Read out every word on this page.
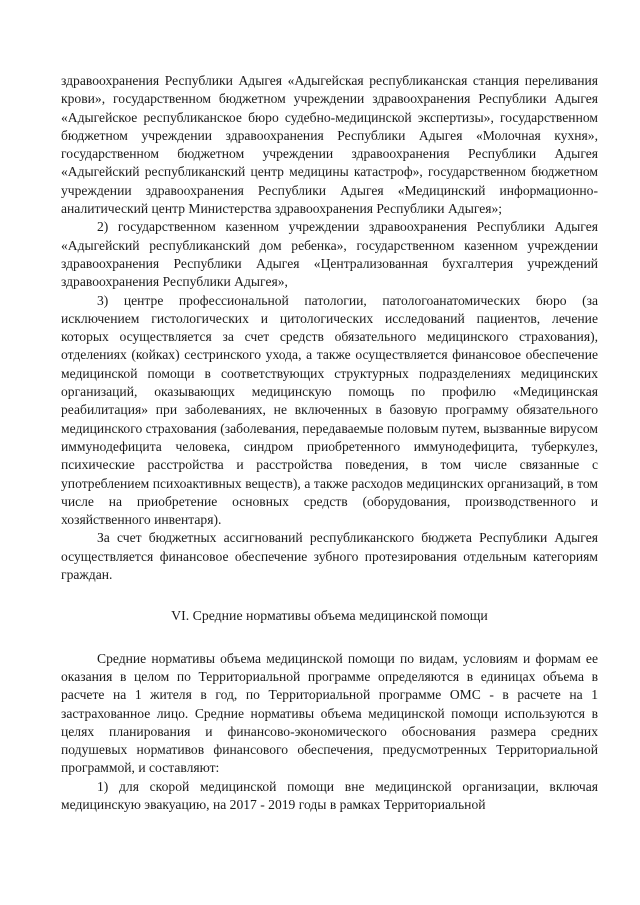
здравоохранения Республики Адыгея «Адыгейская республиканская станция переливания крови», государственном бюджетном учреждении здравоохранения Республики Адыгея «Адыгейское республиканское бюро судебно-медицинской экспертизы», государственном бюджетном учреждении здравоохранения Республики Адыгея «Молочная кухня», государственном бюджетном учреждении здравоохранения Республики Адыгея «Адыгейский республиканский центр медицины катастроф», государственном бюджетном учреждении здравоохранения Республики Адыгея «Медицинский информационно-аналитический центр Министерства здравоохранения Республики Адыгея»;

2) государственном казенном учреждении здравоохранения Республики Адыгея «Адыгейский республиканский дом ребенка», государственном казенном учреждении здравоохранения Республики Адыгея «Централизованная бухгалтерия учреждений здравоохранения Республики Адыгея»,

3) центре профессиональной патологии, патологоанатомических бюро (за исключением гистологических и цитологических исследований пациентов, лечение которых осуществляется за счет средств обязательного медицинского страхования), отделениях (койках) сестринского ухода, а также осуществляется финансовое обеспечение медицинской помощи в соответствующих структурных подразделениях медицинских организаций, оказывающих медицинскую помощь по профилю «Медицинская реабилитация» при заболеваниях, не включенных в базовую программу обязательного медицинского страхования (заболевания, передаваемые половым путем, вызванные вирусом иммунодефицита человека, синдром приобретенного иммунодефицита, туберкулез, психические расстройства и расстройства поведения, в том числе связанные с употреблением психоактивных веществ), а также расходов медицинских организаций, в том числе на приобретение основных средств (оборудования, производственного и хозяйственного инвентаря).

За счет бюджетных ассигнований республиканского бюджета Республики Адыгея осуществляется финансовое обеспечение зубного протезирования отдельным категориям граждан.

VI. Средние нормативы объема медицинской помощи

Средние нормативы объема медицинской помощи по видам, условиям и формам ее оказания в целом по Территориальной программе определяются в единицах объема в расчете на 1 жителя в год, по Территориальной программе ОМС - в расчете на 1 застрахованное лицо. Средние нормативы объема медицинской помощи используются в целях планирования и финансово-экономического обоснования размера средних подушевых нормативов финансового обеспечения, предусмотренных Территориальной программой, и составляют:

1) для скорой медицинской помощи вне медицинской организации, включая медицинскую эвакуацию, на 2017 - 2019 годы в рамках Территориальной
